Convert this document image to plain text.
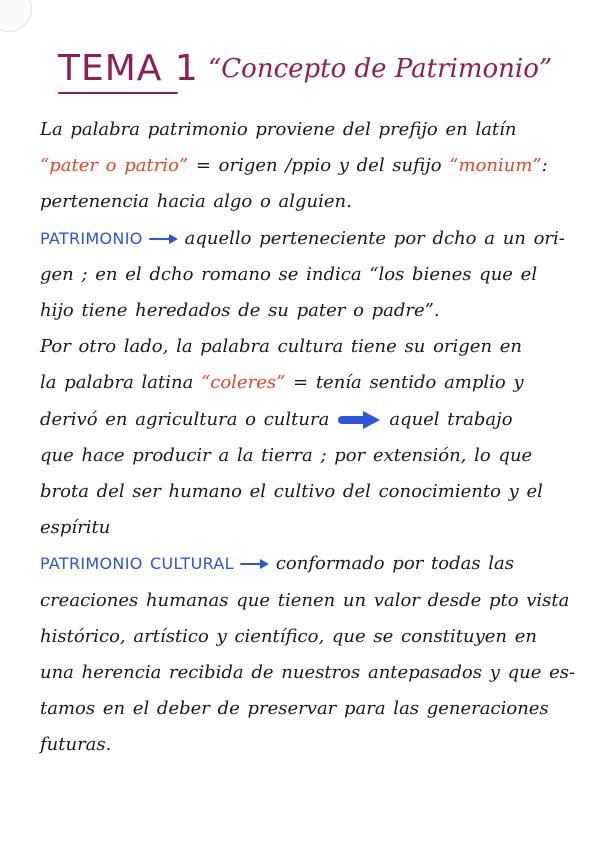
TEMA 1 “Concepto de Patrimonio”
La palabra patrimonio proviene del prefijo en latín
“pater o patrio” = origen /ppio y del sufijo “monium”:
pertenencia hacia algo o alguien.
PATRIMONIO aquello perteneciente por dcho a un ori-
gen ; en el dcho romano se indica “los bienes que el
hijo tiene heredados de su pater o padre”.
Por otro lado, la palabra cultura tiene su origen en
la palabra latina “coleres” = tenía sentido amplio y
derivó en agricultura o cultura	aquel trabajo
que hace producir a la tierra ; por extensión, lo que
brota del ser humano el cultivo del conocimiento y el
espíritu
PATRIMONIO CULTURAL conformado por todas las
creaciones humanas que tienen un valor desde pto vista
histórico, artístico y científico, que se constituyen en
una herencia recibida de nuestros antepasados y que es-
tamos en el deber de preservar para las generaciones
futuras.
